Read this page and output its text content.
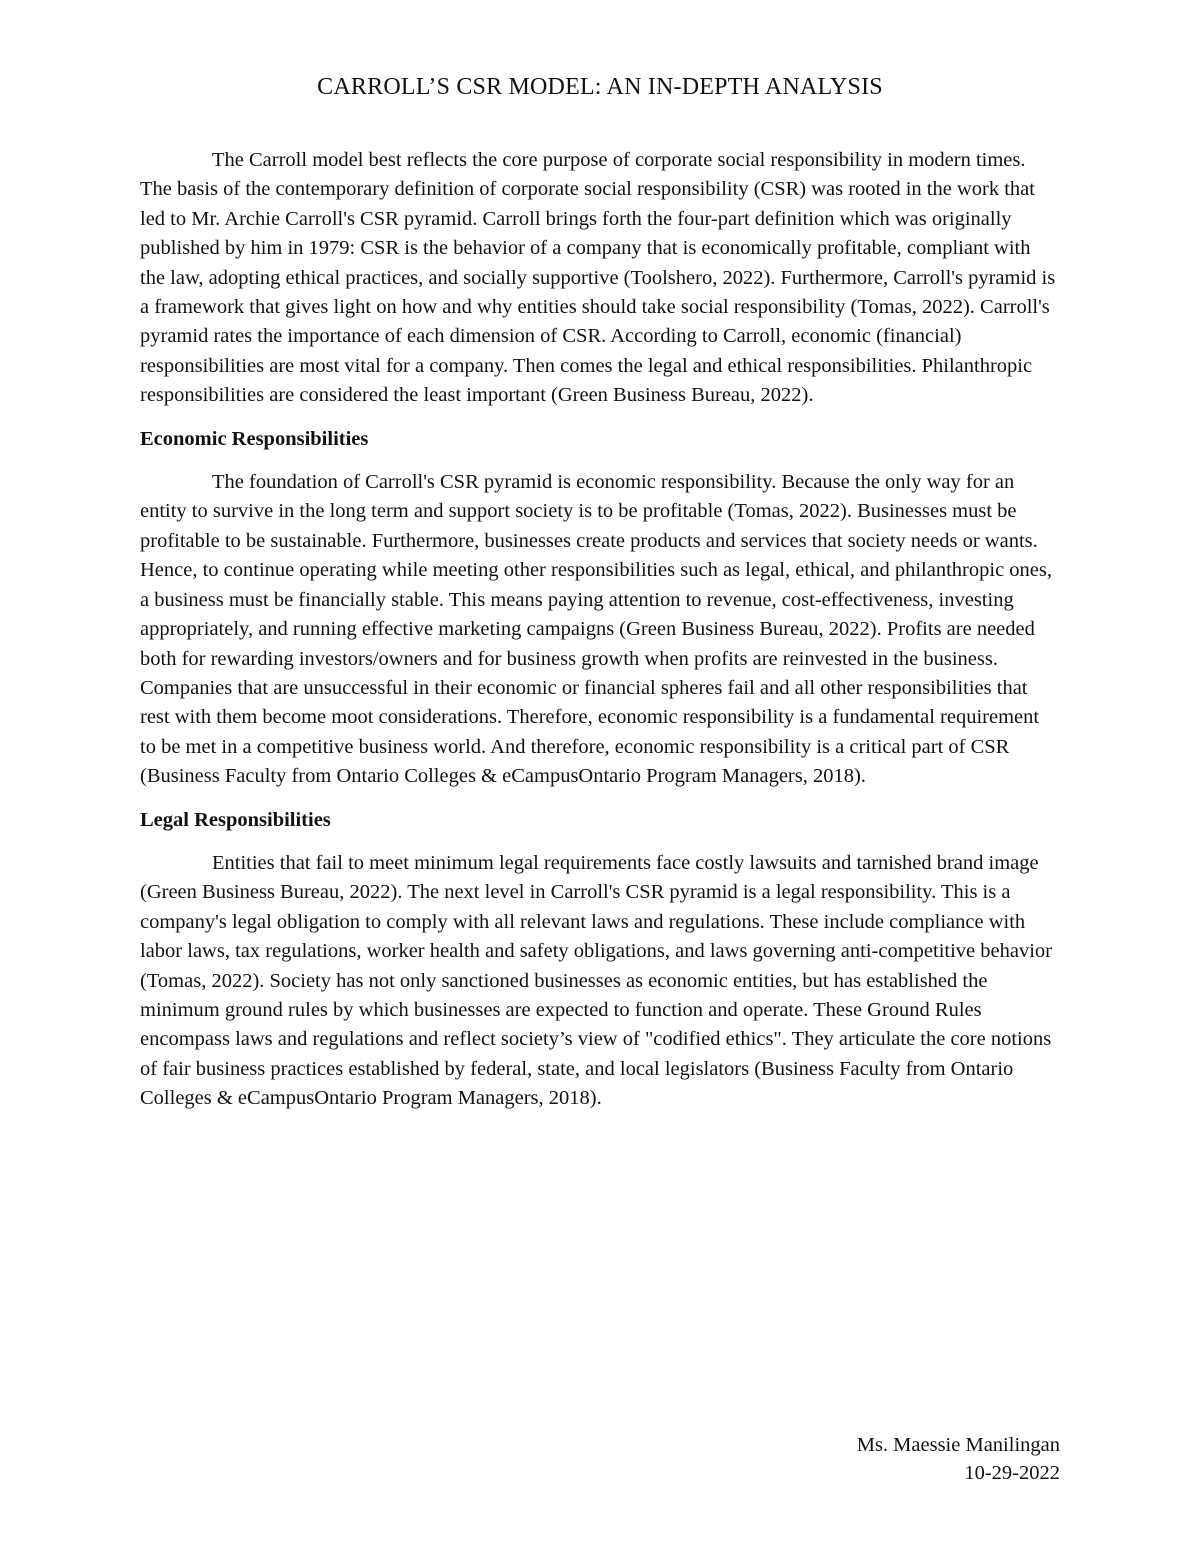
CARROLL’S CSR MODEL: AN IN-DEPTH ANALYSIS

The Carroll model best reflects the core purpose of corporate social responsibility in modern times. The basis of the contemporary definition of corporate social responsibility (CSR) was rooted in the work that led to Mr. Archie Carroll's CSR pyramid. Carroll brings forth the four-part definition which was originally published by him in 1979: CSR is the behavior of a company that is economically profitable, compliant with the law, adopting ethical practices, and socially supportive (Toolshero, 2022). Furthermore, Carroll's pyramid is a framework that gives light on how and why entities should take social responsibility (Tomas, 2022). Carroll's pyramid rates the importance of each dimension of CSR. According to Carroll, economic (financial) responsibilities are most vital for a company. Then comes the legal and ethical responsibilities. Philanthropic responsibilities are considered the least important (Green Business Bureau, 2022).

Economic Responsibilities

The foundation of Carroll's CSR pyramid is economic responsibility. Because the only way for an entity to survive in the long term and support society is to be profitable (Tomas, 2022). Businesses must be profitable to be sustainable. Furthermore, businesses create products and services that society needs or wants. Hence, to continue operating while meeting other responsibilities such as legal, ethical, and philanthropic ones, a business must be financially stable. This means paying attention to revenue, cost-effectiveness, investing appropriately, and running effective marketing campaigns (Green Business Bureau, 2022). Profits are needed both for rewarding investors/owners and for business growth when profits are reinvested in the business. Companies that are unsuccessful in their economic or financial spheres fail and all other responsibilities that rest with them become moot considerations. Therefore, economic responsibility is a fundamental requirement to be met in a competitive business world. And therefore, economic responsibility is a critical part of CSR (Business Faculty from Ontario Colleges & eCampusOntario Program Managers, 2018).

Legal Responsibilities

Entities that fail to meet minimum legal requirements face costly lawsuits and tarnished brand image (Green Business Bureau, 2022). The next level in Carroll's CSR pyramid is a legal responsibility. This is a company's legal obligation to comply with all relevant laws and regulations. These include compliance with labor laws, tax regulations, worker health and safety obligations, and laws governing anti-competitive behavior (Tomas, 2022). Society has not only sanctioned businesses as economic entities, but has established the minimum ground rules by which businesses are expected to function and operate. These Ground Rules encompass laws and regulations and reflect society’s view of "codified ethics". They articulate the core notions of fair business practices established by federal, state, and local legislators (Business Faculty from Ontario Colleges & eCampusOntario Program Managers, 2018).

Ms. Maessie Manilingan
10-29-2022
